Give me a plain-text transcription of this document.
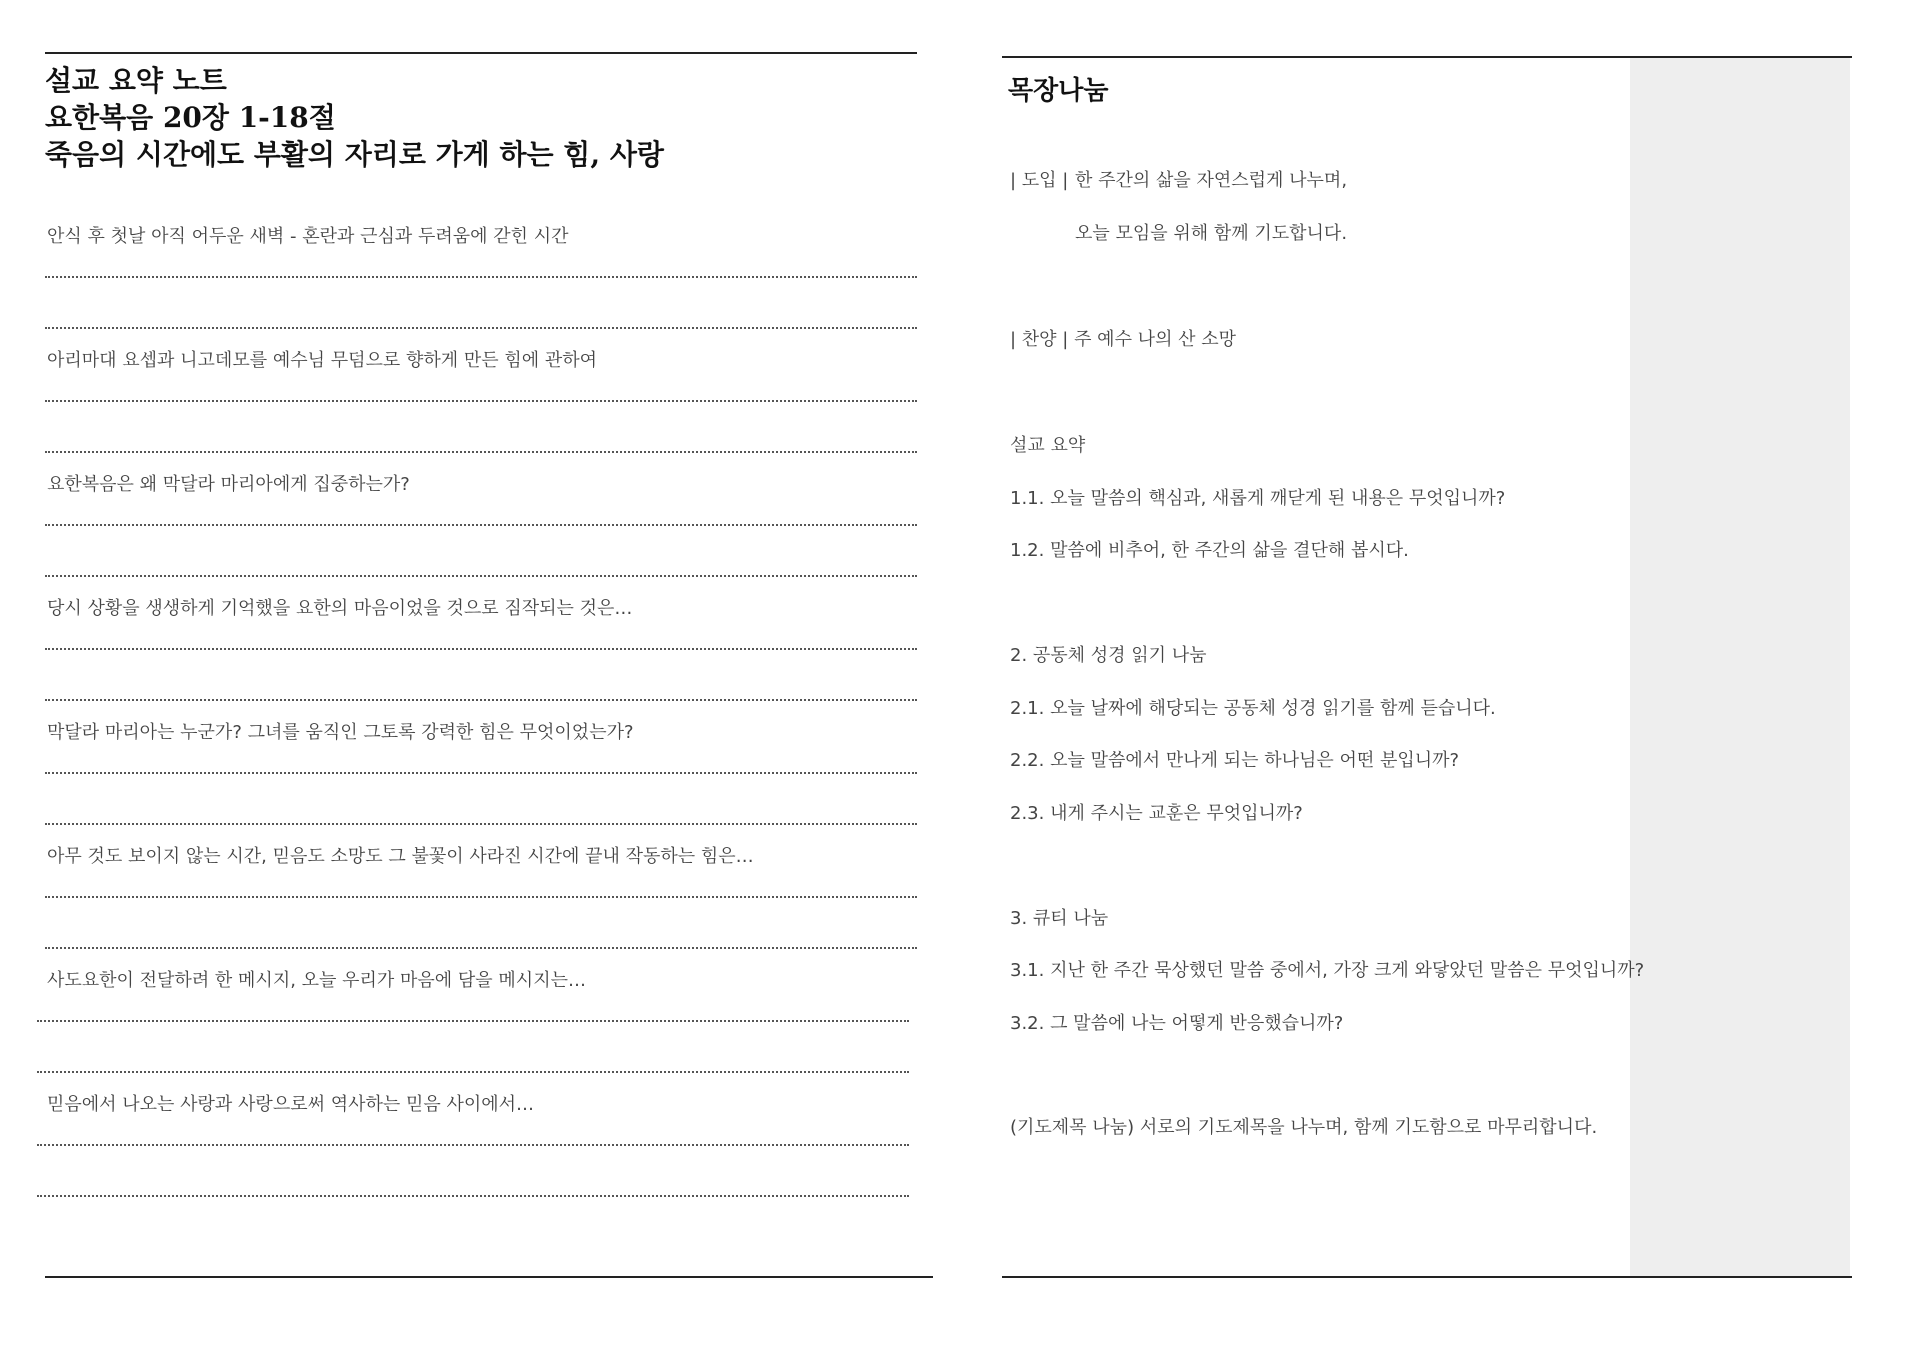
설교 요약 노트
요한복음 20장 1-18절
죽음의 시간에도 부활의 자리로 가게 하는 힘, 사랑
안식 후 첫날 아직 어두운 새벽 - 혼란과 근심과 두려움에 갇힌 시간
아리마대 요셉과 니고데모를 예수님 무덤으로 향하게 만든 힘에 관하여
요한복음은 왜 막달라 마리아에게 집중하는가?
당시 상황을 생생하게 기억했을 요한의 마음이었을 것으로 짐작되는 것은…
막달라 마리아는 누군가? 그녀를 움직인 그토록 강력한 힘은 무엇이었는가?
아무 것도 보이지 않는 시간, 믿음도 소망도 그 불꽃이 사라진 시간에 끝내 작동하는 힘은…
사도요한이 전달하려 한 메시지, 오늘 우리가 마음에 담을 메시지는…
믿음에서 나오는 사랑과 사랑으로써 역사하는 믿음 사이에서…
목장나눔
| 도입 | 한 주간의 삶을 자연스럽게 나누며,
오늘 모임을 위해 함께 기도합니다.
| 찬양 | 주 예수 나의 산 소망
설교 요약
1.1. 오늘 말씀의 핵심과, 새롭게 깨닫게 된 내용은 무엇입니까?
1.2. 말씀에 비추어, 한 주간의 삶을 결단해 봅시다.
2. 공동체 성경 읽기 나눔
2.1. 오늘 날짜에 해당되는 공동체 성경 읽기를 함께 듣습니다.
2.2. 오늘 말씀에서 만나게 되는 하나님은 어떤 분입니까?
2.3. 내게 주시는 교훈은 무엇입니까?
3. 큐티 나눔
3.1. 지난 한 주간 묵상했던 말씀 중에서, 가장 크게 와닿았던 말씀은 무엇입니까?
3.2. 그 말씀에 나는 어떻게 반응했습니까?
(기도제목 나눔) 서로의 기도제목을 나누며, 함께 기도함으로 마무리합니다.
